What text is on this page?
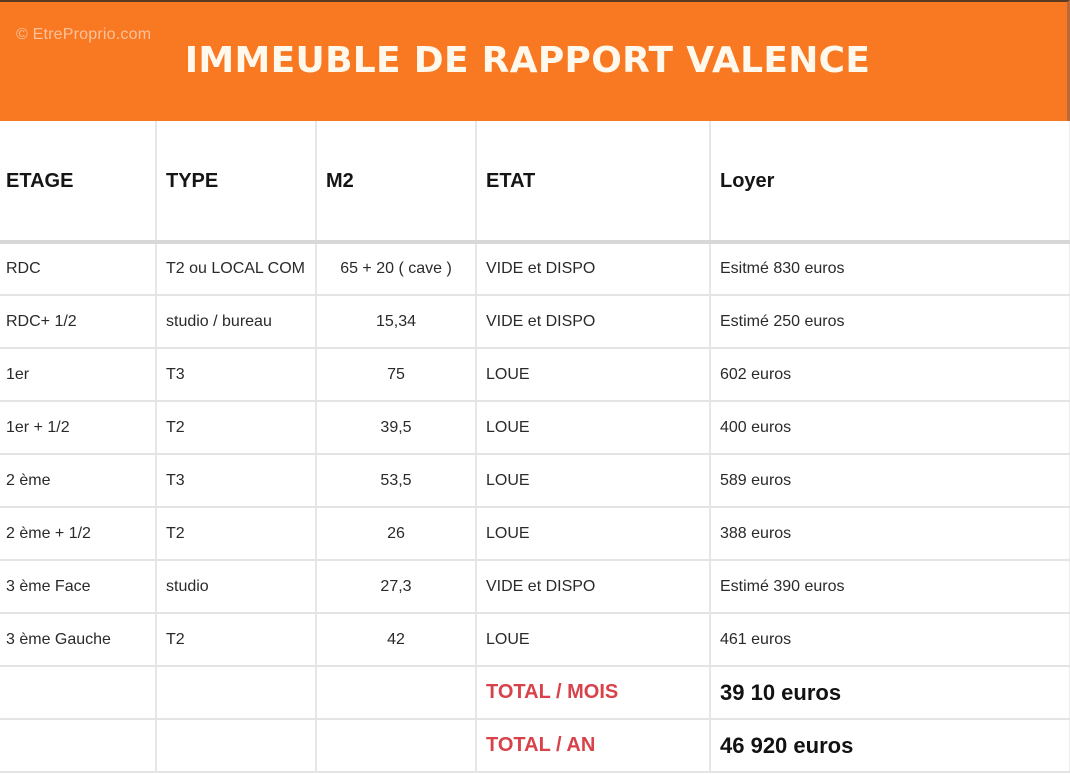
© EtreProprio.com
IMMEUBLE DE RAPPORT VALENCE
ETAGE	TYPE	M2	ETAT	Loyer
RDC	T2 ou LOCAL COM	65 + 20 ( cave )	VIDE et DISPO	Esitmé 830 euros
RDC+ 1/2	studio / bureau	15,34	VIDE et DISPO	Estimé 250 euros
1er	T3	75	LOUE	602 euros
1er + 1/2	T2	39,5	LOUE	400 euros
2 ème	T3	53,5	LOUE	589 euros
2 ème + 1/2	T2	26	LOUE	388 euros
3 ème Face	studio	27,3	VIDE et DISPO	Estimé 390 euros
3 ème Gauche	T2	42	LOUE	461 euros
			TOTAL / MOIS	39 10 euros
			TOTAL / AN	46 920 euros
